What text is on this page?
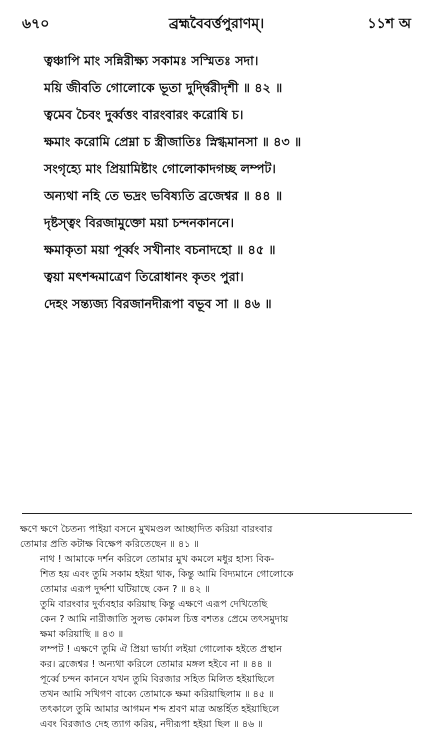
৬৭০	ব্রহ্মবৈবর্ত্তপুরাণম্।	১১শ অ
ত্বঞ্চাপি মাং সন্নিরীক্ষ্য সকামঃ সস্মিতঃ সদা।
ময়ি জীবতি গোলোকে ভূতা দুর্দ্দ্বিরীদৃশী ॥ ৪২ ॥
ত্বমেব চৈবং দুর্ব্বত্তং বারংবারং করোষি চ।
ক্ষমাং করোমি প্রেম্না চ স্ত্রীজাতিঃ স্নিগ্ধমানসা ॥ ৪৩ ॥
সংগৃহ্যে মাং প্রিয়ামিষ্টাং গোলোকাদগচ্ছ লম্পট।
অন্যথা নহি তে ভদ্রং ভবিষ্যতি ব্রজেশ্বর ॥ ৪৪ ॥
দৃষ্টস্ত্বং বিরজামুক্তো ময়া চন্দনকাননে।
ক্ষমাকৃতা ময়া পূর্ব্বং সখীনাং বচনাদহো ॥ ৪৫ ॥
ত্বয়া মৎশব্দমাত্রেণ তিরোধানং কৃতং পুরা।
দেহং সন্ত্যজ্য বিরজানদীরূপা বভূব সা ॥ ৪৬ ॥
ক্ষণে ক্ষণে চৈতন্য পাইয়া বসনে মুখমণ্ডল আচ্ছাদিত করিয়া বারংবার
তোমার প্রতি কটাক্ষ বিক্ষেপ করিতেছেন ॥ ৪১ ॥
নাথ ! আমাকে দর্শন করিলে তোমার মুখ কমলে মধুর হাস্য বিক-
শিত হয় এবং তুমি সকাম হইয়া থাক, কিন্তু আমি বিদ্যমানে গোলোকে
তোমার এরূপ দুর্দ্দশা ঘটিয়াছে কেন ? ॥ ৪২ ॥
তুমি বারংবার দুর্ব্যবহার করিয়াছ কিন্তু এক্ষণে এরূপ দেখিতেছি
কেন ? আমি নারীজাতি সুলভ কোমল চিত্ত বশতঃ প্রেমে তৎসমুদায়
ক্ষমা করিয়াছি ॥ ৪৩ ॥
লম্পট ! এক্ষণে তুমি ঐ প্রিয়া ভার্য্যা লইয়া গোলোক হইতে প্রস্থান
কর। ব্রজেশ্বর ! অন্যথা করিলে তোমার মঙ্গল হইবে না ॥ ৪৪ ॥
পূর্ব্বে চন্দন কাননে যখন তুমি বিরজার সহিত মিলিত হইয়াছিলে
তখন আমি সখিগণ বাক্যে তোমাকে ক্ষমা করিয়াছিলাম ॥ ৪৫ ॥
তৎকালে তুমি আমার আগমন শব্দ শ্রবণ মাত্র অন্তর্হিত হইয়াছিলে
এবং বিরজাও দেহ ত্যাগ করিয়, নদীরূপা হইয়া ছিল ॥ ৪৬ ॥
